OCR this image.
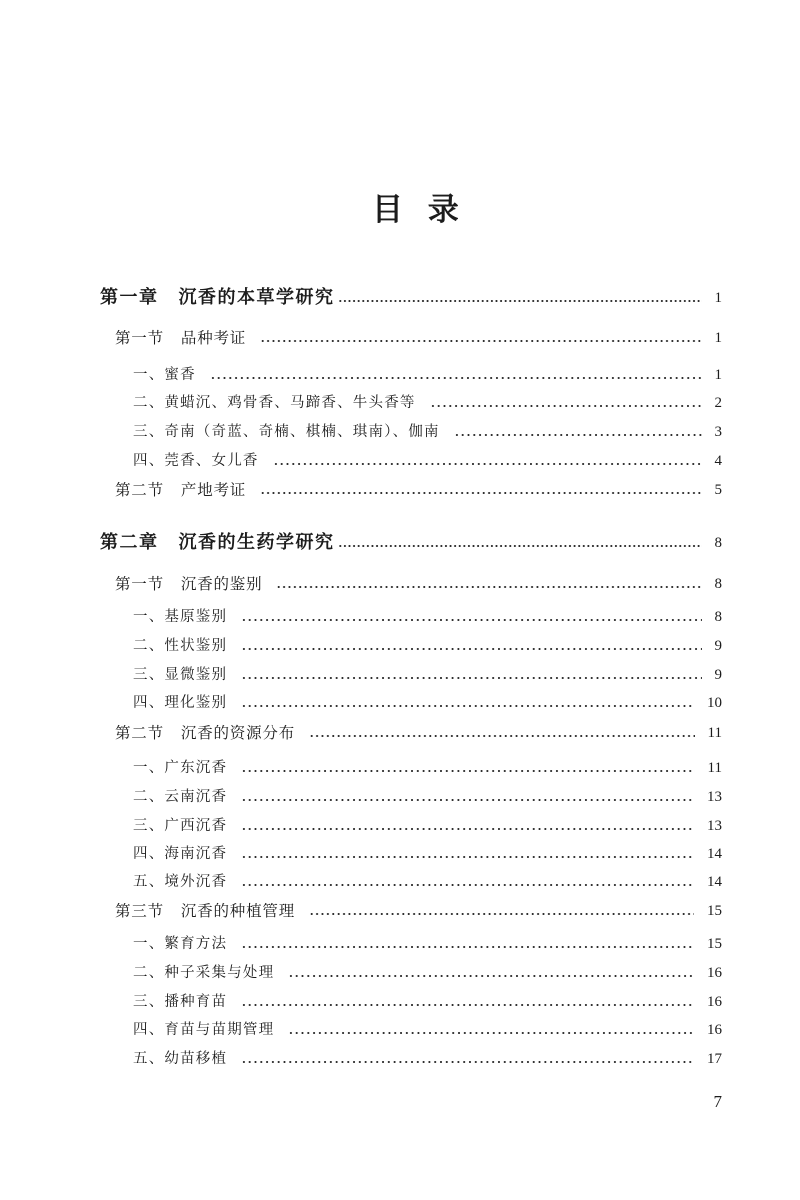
目 录
第一章 沉香的本草学研究	1
第一节 品种考证	1
一、蜜香	1
二、黄蜡沉、鸡骨香、马蹄香、牛头香等	2
三、奇南（奇蓝、奇楠、棋楠、琪南）、伽南	3
四、莞香、女儿香	4
第二节 产地考证	5
第二章 沉香的生药学研究	8
第一节 沉香的鉴别	8
一、基原鉴别	8
二、性状鉴别	9
三、显微鉴别	9
四、理化鉴别	10
第二节 沉香的资源分布	11
一、广东沉香	11
二、云南沉香	13
三、广西沉香	13
四、海南沉香	14
五、境外沉香	14
第三节 沉香的种植管理	15
一、繁育方法	15
二、种子采集与处理	16
三、播种育苗	16
四、育苗与苗期管理	16
五、幼苗移植	17
7
